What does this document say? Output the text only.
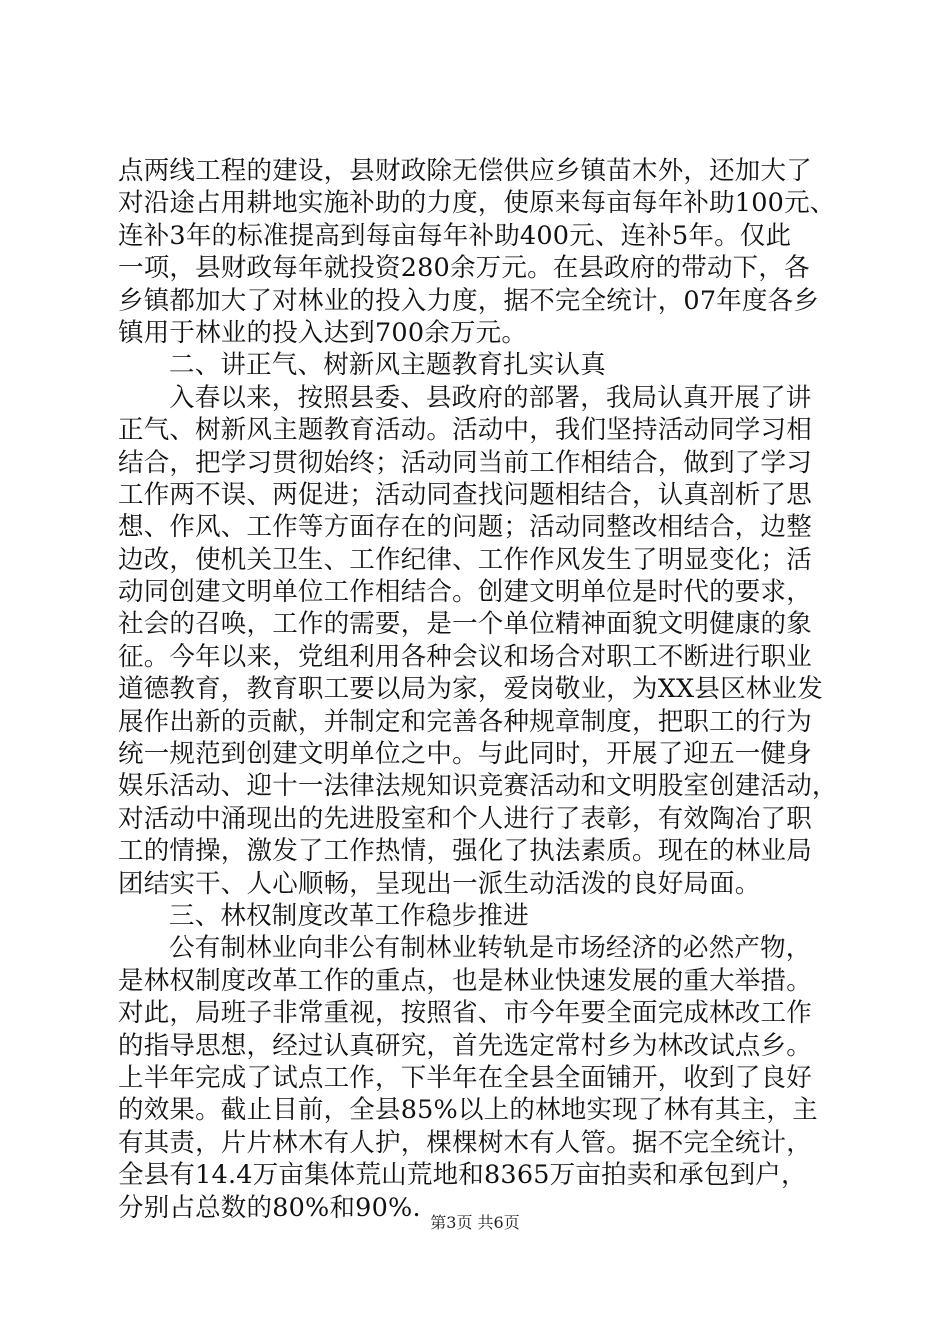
点两线工程的建设，县财政除无偿供应乡镇苗木外，还加大了
对沿途占用耕地实施补助的力度，使原来每亩每年补助100元、
连补3年的标准提高到每亩每年补助400元、连补5年。仅此
一项，县财政每年就投资280余万元。在县政府的带动下，各
乡镇都加大了对林业的投入力度，据不完全统计，07年度各乡
镇用于林业的投入达到700余万元。
二、讲正气、树新风主题教育扎实认真
入春以来，按照县委、县政府的部署，我局认真开展了讲
正气、树新风主题教育活动。活动中，我们坚持活动同学习相
结合，把学习贯彻始终；活动同当前工作相结合，做到了学习
工作两不误、两促进；活动同查找问题相结合，认真剖析了思
想、作风、工作等方面存在的问题；活动同整改相结合，边整
边改，使机关卫生、工作纪律、工作作风发生了明显变化；活
动同创建文明单位工作相结合。创建文明单位是时代的要求，
社会的召唤，工作的需要，是一个单位精神面貌文明健康的象
征。今年以来，党组利用各种会议和场合对职工不断进行职业
道德教育，教育职工要以局为家，爱岗敬业，为XX县区林业发
展作出新的贡献，并制定和完善各种规章制度，把职工的行为
统一规范到创建文明单位之中。与此同时，开展了迎五一健身
娱乐活动、迎十一法律法规知识竞赛活动和文明股室创建活动，
对活动中涌现出的先进股室和个人进行了表彰，有效陶冶了职
工的情操，激发了工作热情，强化了执法素质。现在的林业局
团结实干、人心顺畅，呈现出一派生动活泼的良好局面。
三、林权制度改革工作稳步推进
公有制林业向非公有制林业转轨是市场经济的必然产物，
是林权制度改革工作的重点，也是林业快速发展的重大举措。
对此，局班子非常重视，按照省、市今年要全面完成林改工作
的指导思想，经过认真研究，首先选定常村乡为林改试点乡。
上半年完成了试点工作，下半年在全县全面铺开，收到了良好
的效果。截止目前，全县85%以上的林地实现了林有其主，主
有其责，片片林木有人护，棵棵树木有人管。据不完全统计，
全县有14.4万亩集体荒山荒地和8365万亩拍卖和承包到户，
分别占总数的80%和90%. 第3页 共6页
